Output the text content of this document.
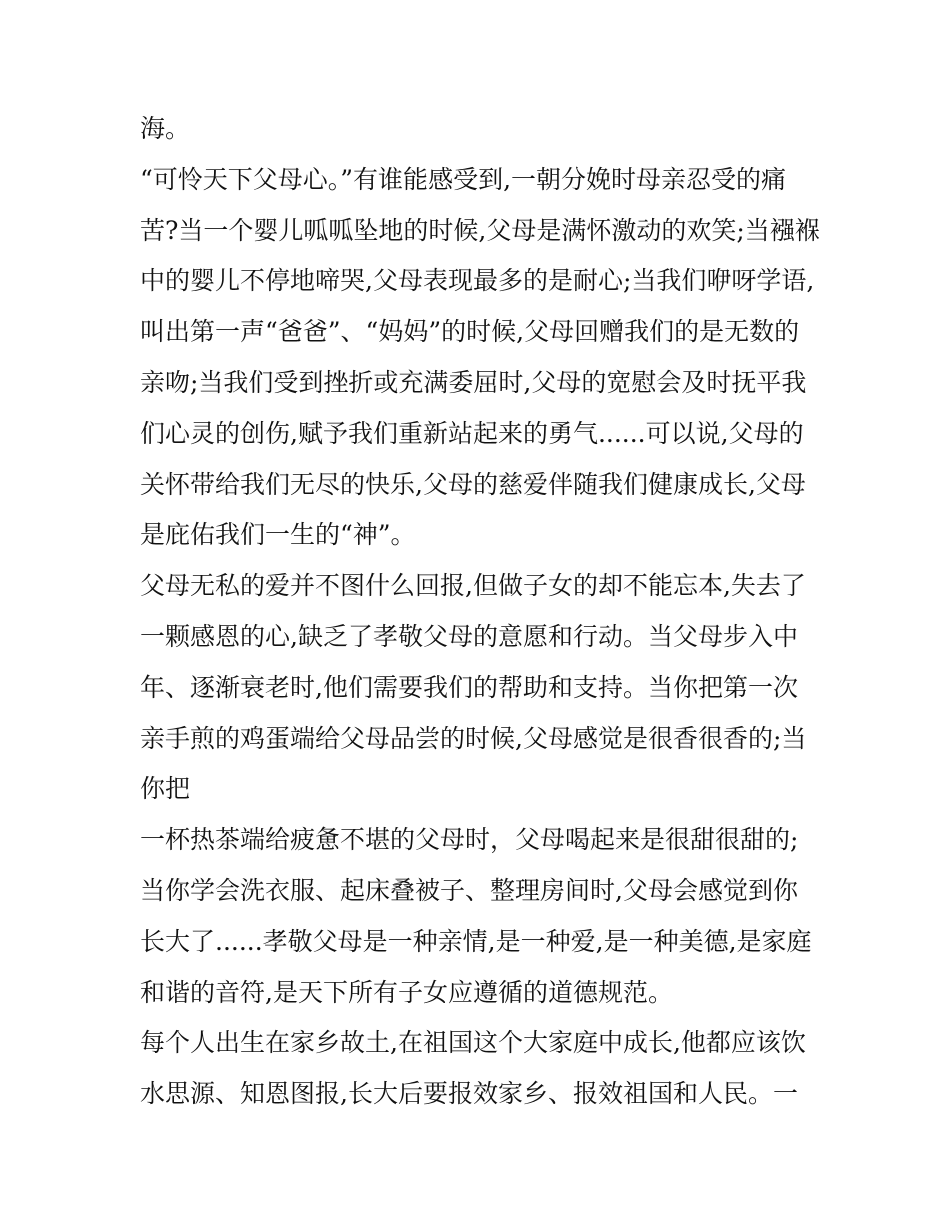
海。
“可怜天下父母心。”有谁能感受到,一朝分娩时母亲忍受的痛
苦?当一个婴儿呱呱坠地的时候,父母是满怀激动的欢笑;当襁褓
中的婴儿不停地啼哭,父母表现最多的是耐心;当我们咿呀学语,
叫出第一声“爸爸”、“妈妈”的时候,父母回赠我们的是无数的
亲吻;当我们受到挫折或充满委屈时,父母的宽慰会及时抚平我
们心灵的创伤,赋予我们重新站起来的勇气......可以说,父母的
关怀带给我们无尽的快乐,父母的慈爱伴随我们健康成长,父母
是庇佑我们一生的“神”。
父母无私的爱并不图什么回报,但做子女的却不能忘本,失去了
一颗感恩的心,缺乏了孝敬父母的意愿和行动。当父母步入中
年、逐渐衰老时,他们需要我们的帮助和支持。当你把第一次
亲手煎的鸡蛋端给父母品尝的时候,父母感觉是很香很香的;当
你把
一杯热茶端给疲惫不堪的父母时，父母喝起来是很甜很甜的;
当你学会洗衣服、起床叠被子、整理房间时,父母会感觉到你
长大了......孝敬父母是一种亲情,是一种爱,是一种美德,是家庭
和谐的音符,是天下所有子女应遵循的道德规范。
每个人出生在家乡故土,在祖国这个大家庭中成长,他都应该饮
水思源、知恩图报,长大后要报效家乡、报效祖国和人民。一
